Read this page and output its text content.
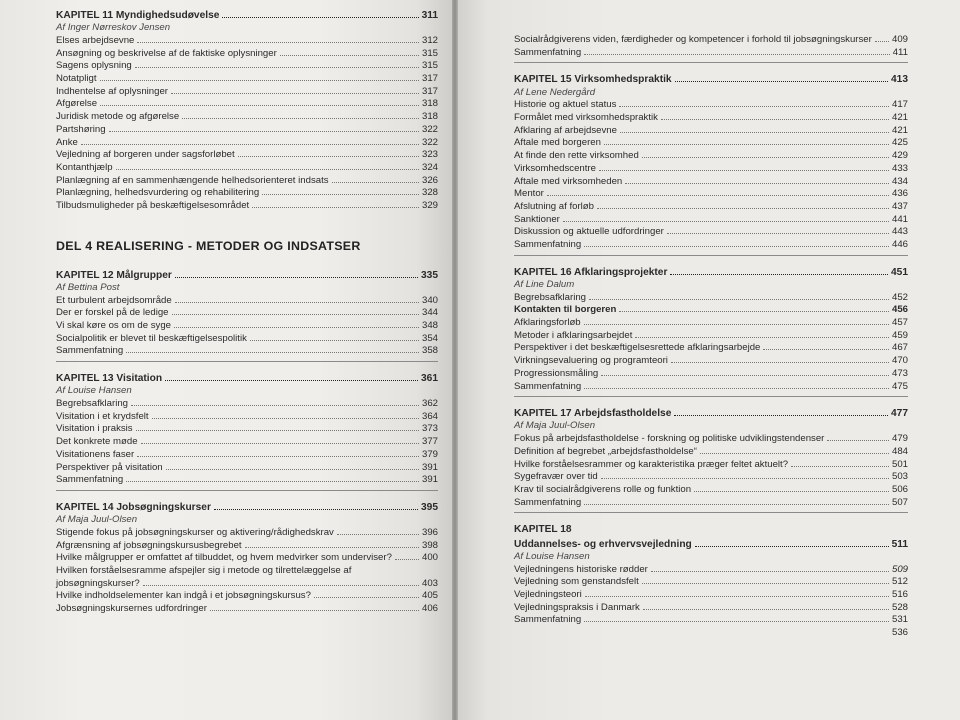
KAPITEL 11 Myndighedsudøvelse	311
Af Inger Nørreskov Jensen
Elses arbejdsevne	312
Ansøgning og beskrivelse af de faktiske oplysninger	315
Sagens oplysning	315
Notatpligt	317
Indhentelse af oplysninger	317
Afgørelse	318
Juridisk metode og afgørelse	318
Partshøring	322
Anke	322
Vejledning af borgeren under sagsforløbet	323
Kontanthjælp	324
Planlægning af en sammenhængende helhedsorienteret indsats	326
Planlægning, helhedsvurdering og rehabilitering	328
Tilbudsmuligheder på beskæftigelsesområdet	329
DEL 4 REALISERING - METODER OG INDSATSER
KAPITEL 12 Målgrupper	335
Af Bettina Post
Et turbulent arbejdsområde	340
Der er forskel på de ledige	344
Vi skal køre os om de syge	348
Socialpolitik er blevet til beskæftigelsespolitik	354
Sammenfatning	358
KAPITEL 13 Visitation	361
Af Louise Hansen
Begrebsafklaring	362
Visitation i et krydsfelt	364
Visitation i praksis	373
Det konkrete møde	377
Visitationens faser	379
Perspektiver på visitation	391
Sammenfatning	391
KAPITEL 14 Jobsøgningskurser	395
Af Maja Juul-Olsen
Stigende fokus på jobsøgningskurser og aktivering/rådighedskrav	396
Afgrænsning af jobsøgningskursusbegrebet	398
Hvilke målgrupper er omfattet af tilbuddet, og hvem medvirker som underviser?	400
Hvilken forståelsesramme afspejler sig i metode og tilrettelæggelse af
jobsøgningskurser?	403
Hvilke indholdselementer kan indgå i et jobsøgningskursus?	405
Jobsøgningskursernes udfordringer	406
Socialrådgiverens viden, færdigheder og kompetencer i forhold til jobsøgningskurser 409
Sammenfatning	411
KAPITEL 15 Virksomhedspraktik	413
Af Lene Nedergård
Historie og aktuel status	417
Formålet med virksomhedspraktik	421
Afklaring af arbejdsevne	421
Aftale med borgeren	425
At finde den rette virksomhed	429
Virksomhedscentre	433
Aftale med virksomheden	434
Mentor	436
Afslutning af forløb	437
Sanktioner	441
Diskussion og aktuelle udfordringer	443
Sammenfatning	446
KAPITEL 16 Afklaringsprojekter	451
Af Line Dalum
Begrebsafklaring	452
Kontakten til borgeren	456
Afklaringsforløb	457
Metoder i afklaringsarbejdet	459
Perspektiver i det beskæftigelsesrettede afklaringsarbejde	467
Virkningsevaluering og programteori	470
Progressionsmåling	473
Sammenfatning	475
KAPITEL 17 Arbejdsfastholdelse	477
Af Maja Juul-Olsen
Fokus på arbejdsfastholdelse - forskning og politiske udviklingstendenser	479
Definition af begrebet „arbejdsfastholdelse“	484
Hvilke forståelsesrammer og karakteristika præger feltet aktuelt?	501
Sygefravær over tid	503
Krav til socialrådgiverens rolle og funktion	506
Sammenfatning	507
KAPITEL 18
Uddannelses- og erhvervsvejledning	511
Af Louise Hansen
Vejledningens historiske rødder	509
Vejledning som genstandsfelt	512
Vejledningsteori	516
Vejledningspraksis i Danmark	528
Sammenfatning	531
536
